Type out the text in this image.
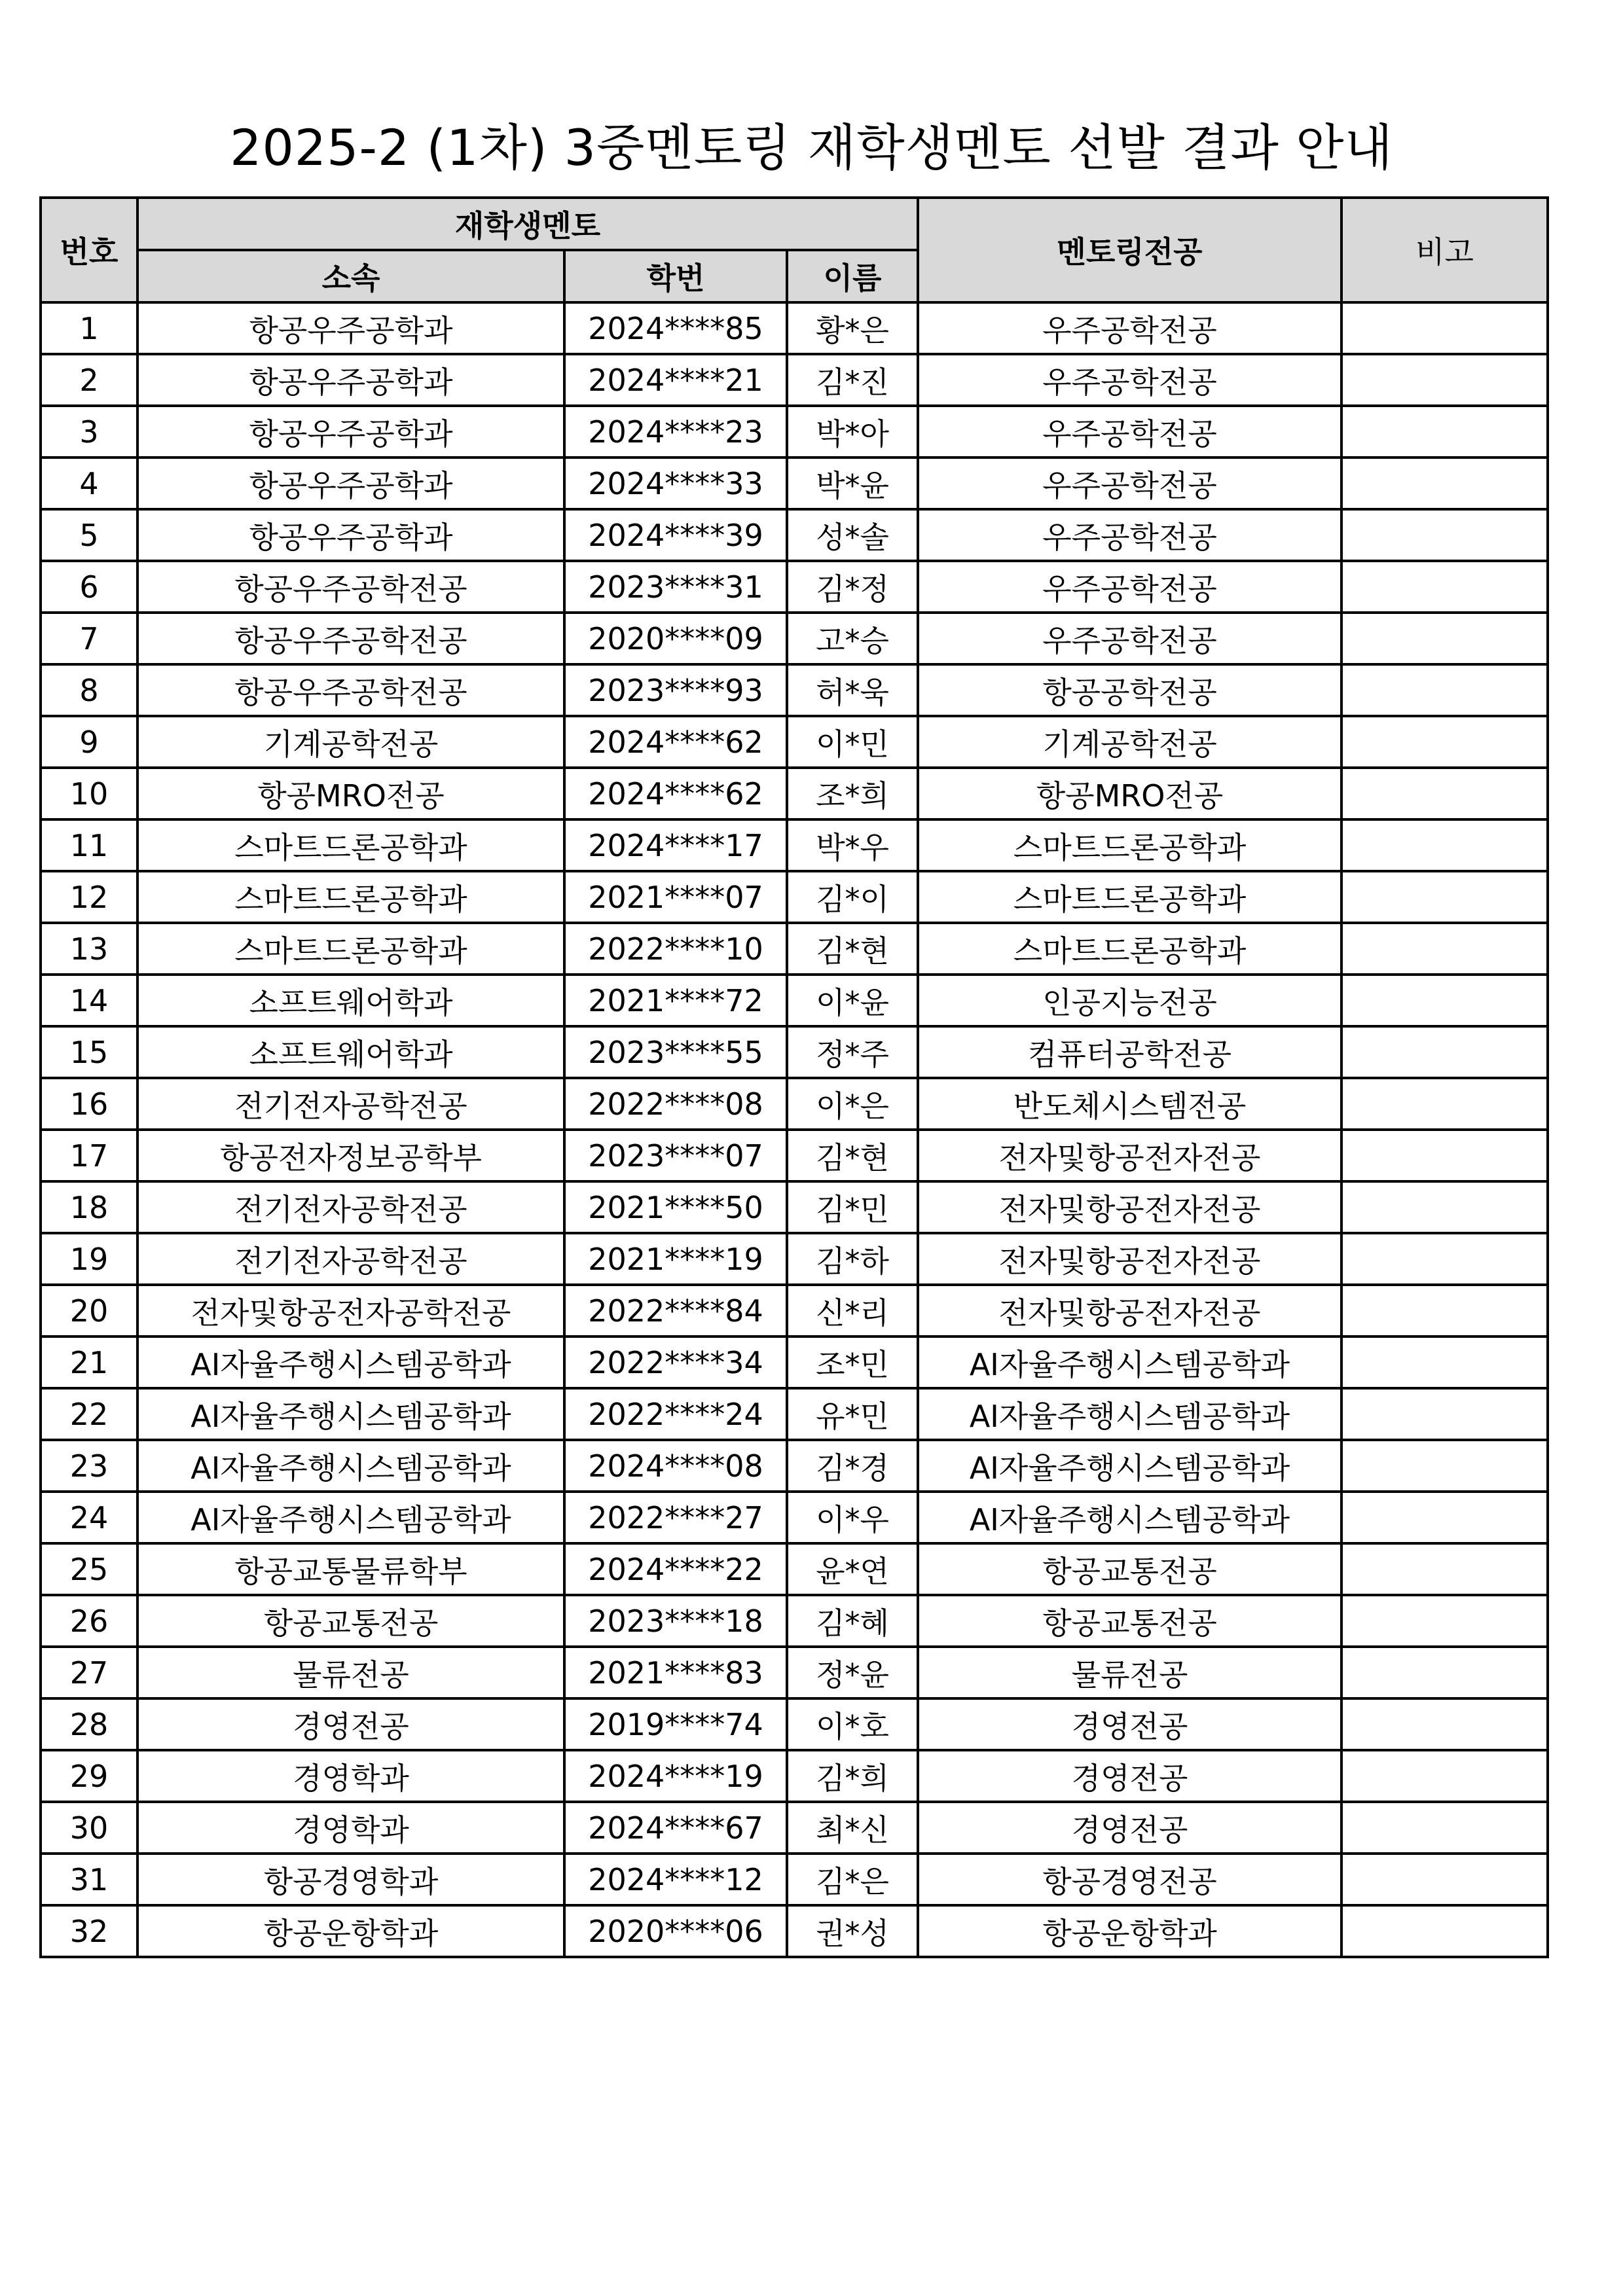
2025-2 (1차) 3중멘토링 재학생멘토 선발 결과 안내
번호	재학생멘토			멘토링전공	비고
	소속	학번	이름		
1	항공우주공학과	2024****85	황*은	우주공학전공	
2	항공우주공학과	2024****21	김*진	우주공학전공	
3	항공우주공학과	2024****23	박*아	우주공학전공	
4	항공우주공학과	2024****33	박*윤	우주공학전공	
5	항공우주공학과	2024****39	성*솔	우주공학전공	
6	항공우주공학전공	2023****31	김*정	우주공학전공	
7	항공우주공학전공	2020****09	고*승	우주공학전공	
8	항공우주공학전공	2023****93	허*욱	항공공학전공	
9	기계공학전공	2024****62	이*민	기계공학전공	
10	항공MRO전공	2024****62	조*희	항공MRO전공	
11	스마트드론공학과	2024****17	박*우	스마트드론공학과	
12	스마트드론공학과	2021****07	김*이	스마트드론공학과	
13	스마트드론공학과	2022****10	김*현	스마트드론공학과	
14	소프트웨어학과	2021****72	이*윤	인공지능전공	
15	소프트웨어학과	2023****55	정*주	컴퓨터공학전공	
16	전기전자공학전공	2022****08	이*은	반도체시스템전공	
17	항공전자정보공학부	2023****07	김*현	전자및항공전자전공	
18	전기전자공학전공	2021****50	김*민	전자및항공전자전공	
19	전기전자공학전공	2021****19	김*하	전자및항공전자전공	
20	전자및항공전자공학전공	2022****84	신*리	전자및항공전자전공	
21	AI자율주행시스템공학과	2022****34	조*민	AI자율주행시스템공학과	
22	AI자율주행시스템공학과	2022****24	유*민	AI자율주행시스템공학과	
23	AI자율주행시스템공학과	2024****08	김*경	AI자율주행시스템공학과	
24	AI자율주행시스템공학과	2022****27	이*우	AI자율주행시스템공학과	
25	항공교통물류학부	2024****22	윤*연	항공교통전공	
26	항공교통전공	2023****18	김*혜	항공교통전공	
27	물류전공	2021****83	정*윤	물류전공	
28	경영전공	2019****74	이*호	경영전공	
29	경영학과	2024****19	김*희	경영전공	
30	경영학과	2024****67	최*신	경영전공	
31	항공경영학과	2024****12	김*은	항공경영전공	
32	항공운항학과	2020****06	권*성	항공운항학과	
